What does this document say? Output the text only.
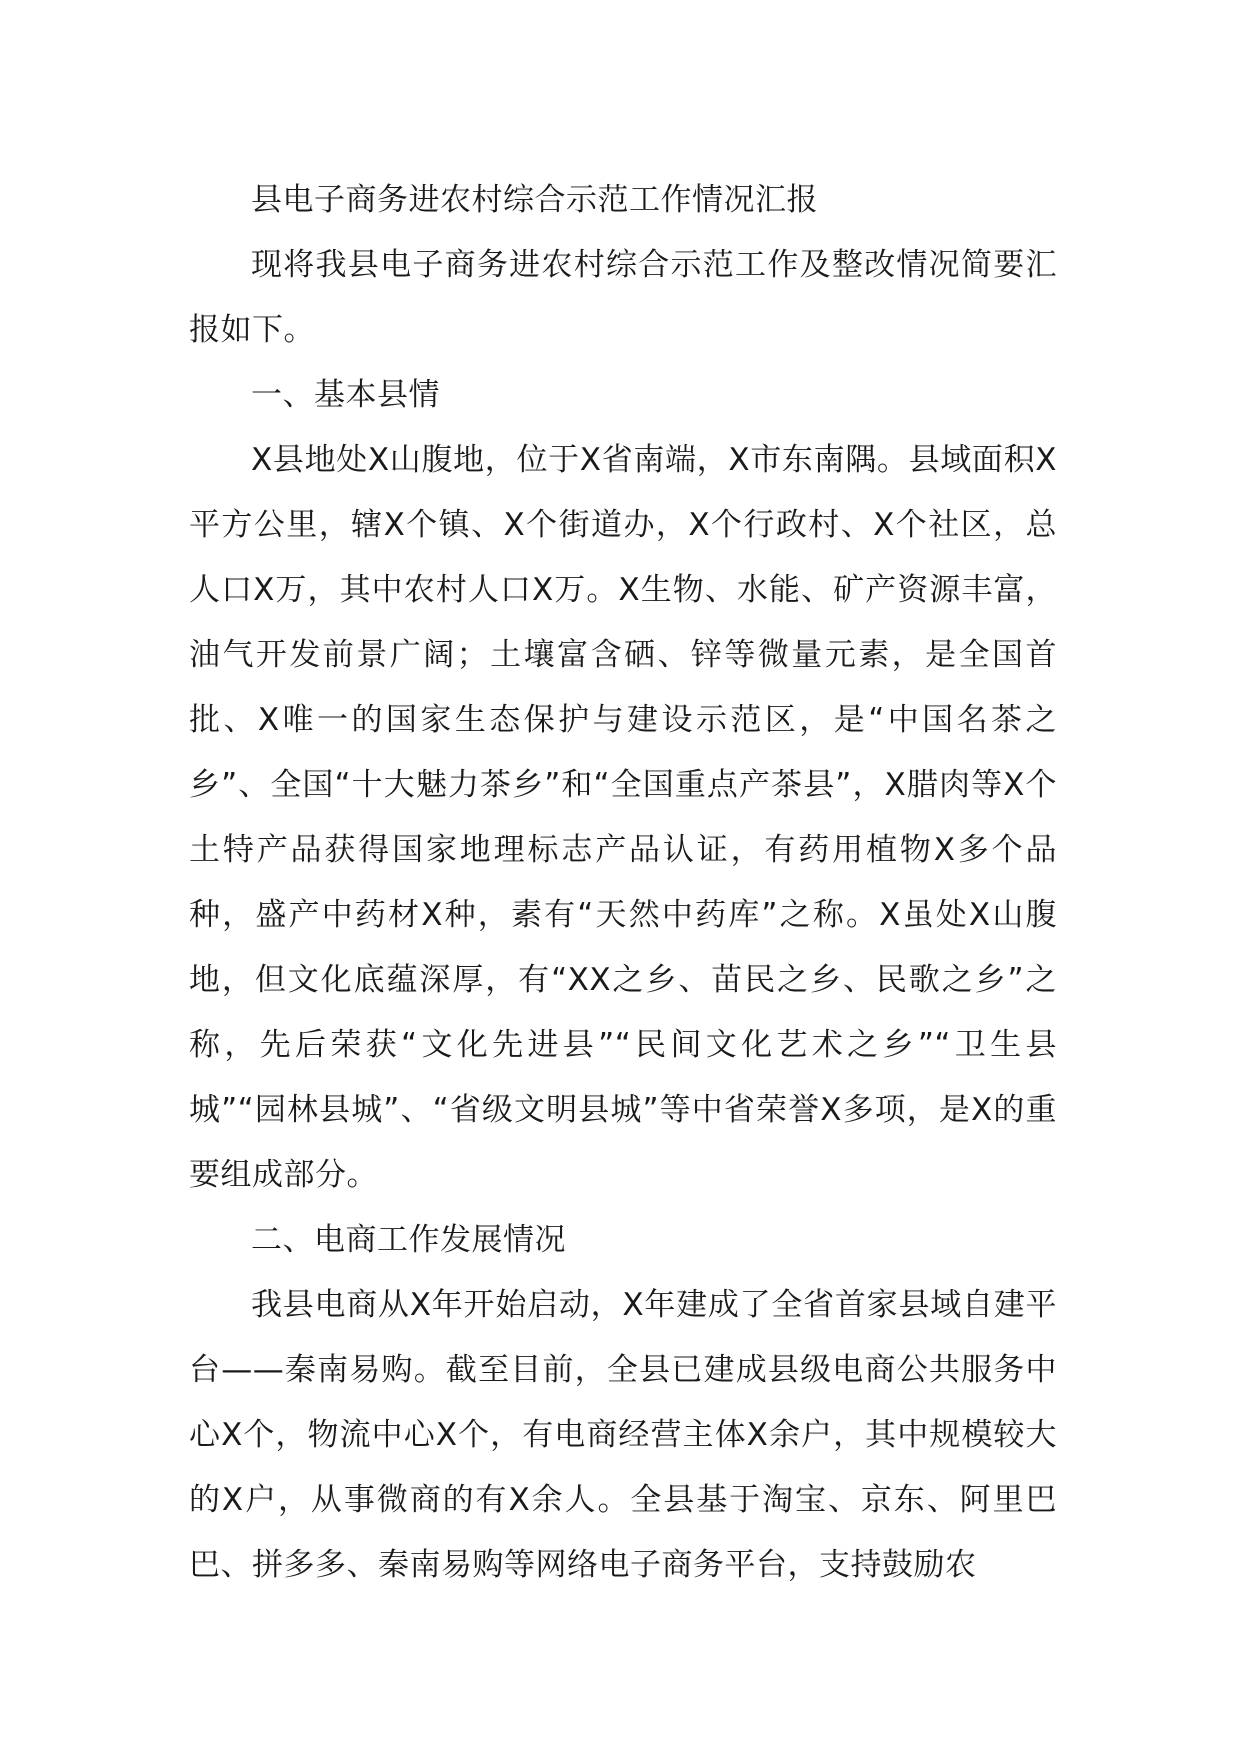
县电子商务进农村综合示范工作情况汇报

现将我县电子商务进农村综合示范工作及整改情况简要汇报如下。

一、基本县情

X县地处X山腹地，位于X省南端，X市东南隅。县域面积X平方公里，辖X个镇、X个街道办，X个行政村、X个社区，总人口X万，其中农村人口X万。X生物、水能、矿产资源丰富，油气开发前景广阔；土壤富含硒、锌等微量元素，是全国首批、X唯一的国家生态保护与建设示范区，是“中国名茶之乡”、全国“十大魅力茶乡”和“全国重点产茶县”，X腊肉等X个土特产品获得国家地理标志产品认证，有药用植物X多个品种，盛产中药材X种，素有“天然中药库”之称。X虽处X山腹地，但文化底蕴深厚，有“XX之乡、苗民之乡、民歌之乡”之称，先后荣获“文化先进县”“民间文化艺术之乡”“卫生县城”“园林县城”、“省级文明县城”等中省荣誉X多项，是X的重要组成部分。

二、电商工作发展情况

我县电商从X年开始启动，X年建成了全省首家县域自建平台——秦南易购。截至目前，全县已建成县级电商公共服务中心X个，物流中心X个，有电商经营主体X余户，其中规模较大的X户，从事微商的有X余人。全县基于淘宝、京东、阿里巴巴、拼多多、秦南易购等网络电子商务平台，支持鼓励农
